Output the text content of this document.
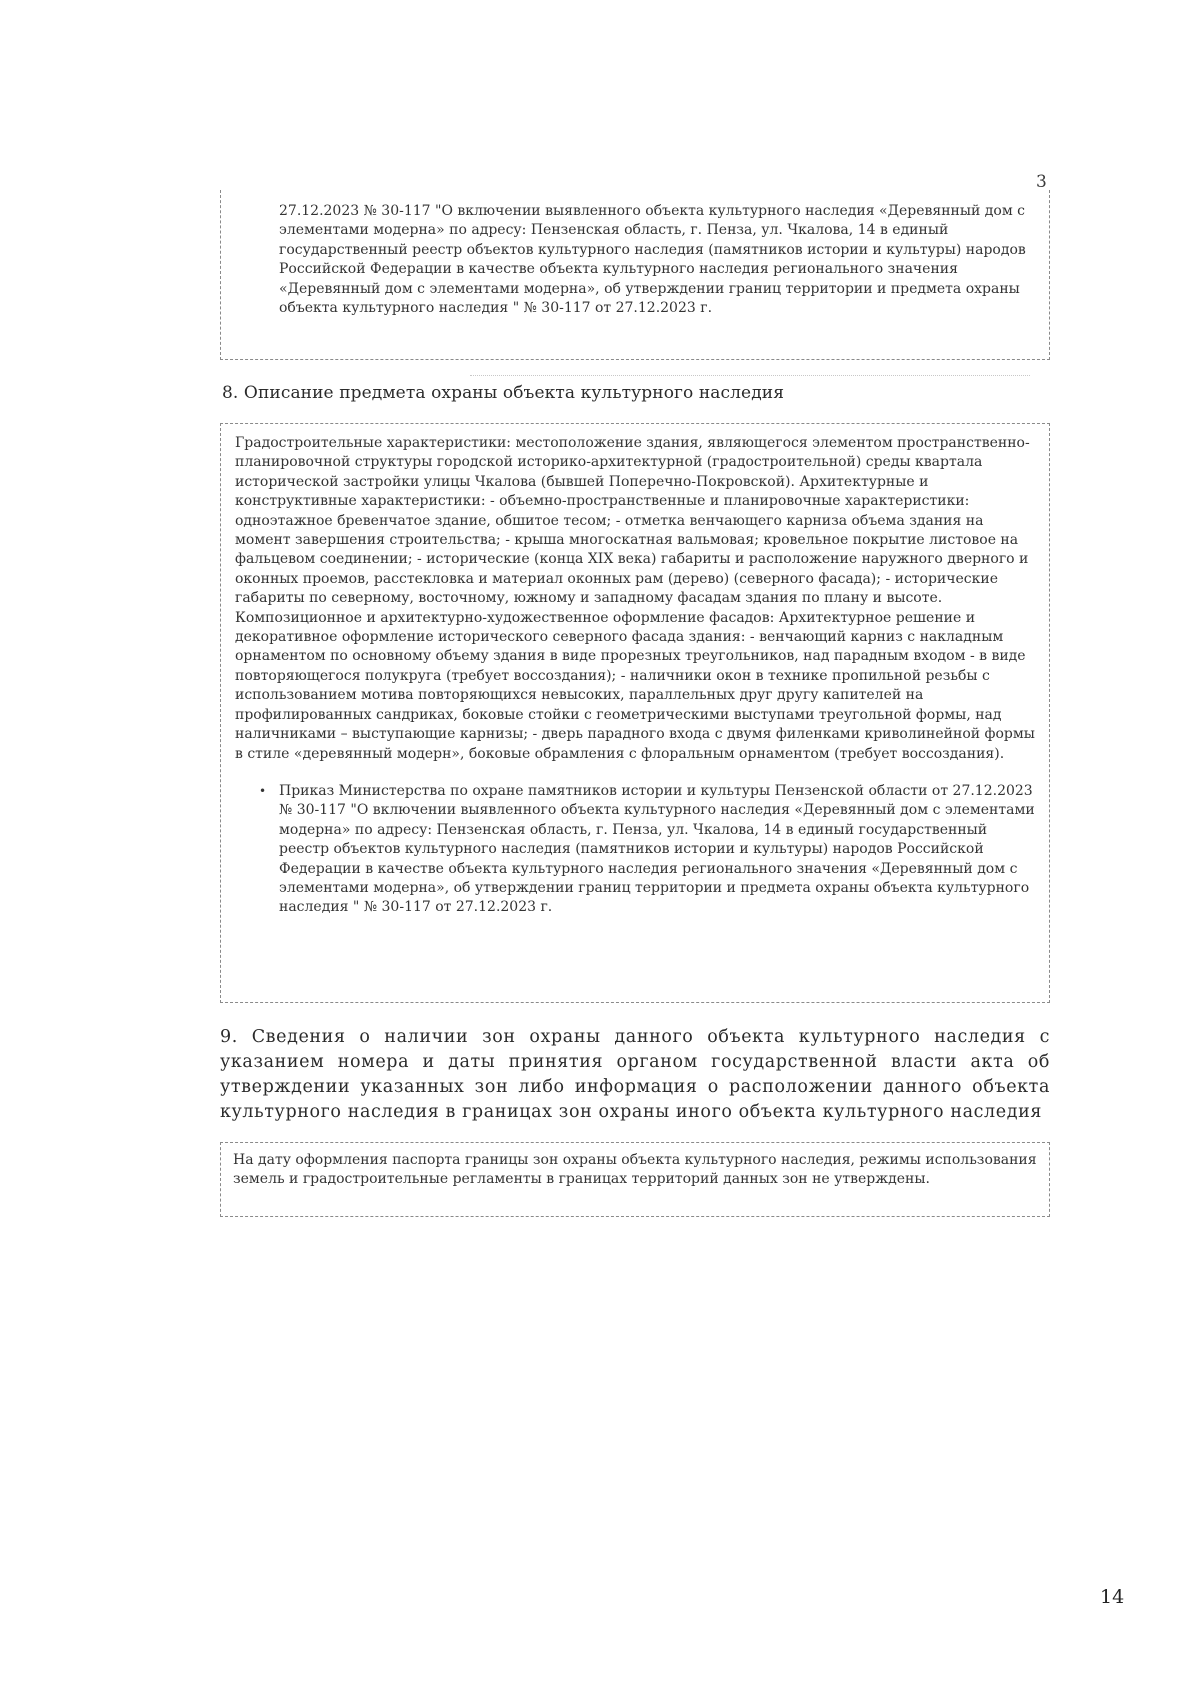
3
27.12.2023 № 30-117 "О включении выявленного объекта культурного наследия «Деревянный дом с элементами модерна» по адресу: Пензенская область, г. Пенза, ул. Чкалова, 14 в единый государственный реестр объектов культурного наследия (памятников истории и культуры) народов Российской Федерации в качестве объекта культурного наследия регионального значения «Деревянный дом с элементами модерна», об утверждении границ территории и предмета охраны объекта культурного наследия " № 30-117 от 27.12.2023 г.
8. Описание предмета охраны объекта культурного наследия

Градостроительные характеристики: местоположение здания, являющегося элементом пространственно-планировочной структуры городской историко-архитектурной (градостроительной) среды квартала исторической застройки улицы Чкалова (бывшей Поперечно-Покровской). Архитектурные и конструктивные характеристики: - объемно-пространственные и планировочные характеристики: одноэтажное бревенчатое здание, обшитое тесом; - отметка венчающего карниза объема здания на момент завершения строительства; - крыша многоскатная вальмовая; кровельное покрытие листовое на фальцевом соединении; - исторические (конца XIX века) габариты и расположение наружного дверного и оконных проемов, расстекловка и материал оконных рам (дерево) (северного фасада); - исторические габариты по северному, восточному, южному и западному фасадам здания по плану и высоте. Композиционное и архитектурно-художественное оформление фасадов: Архитектурное решение и декоративное оформление исторического северного фасада здания: - венчающий карниз с накладным орнаментом по основному объему здания в виде прорезных треугольников, над парадным входом - в виде повторяющегося полукруга (требует воссоздания); - наличники окон в технике пропильной резьбы с использованием мотива повторяющихся невысоких, параллельных друг другу капителей на профилированных сандриках, боковые стойки с геометрическими выступами треугольной формы, над наличниками – выступающие карнизы; - дверь парадного входа с двумя филенками криволинейной формы в стиле «деревянный модерн», боковые обрамления с флоральным орнаментом (требует воссоздания).

• Приказ Министерства по охране памятников истории и культуры Пензенской области от 27.12.2023 № 30-117 "О включении выявленного объекта культурного наследия «Деревянный дом с элементами модерна» по адресу: Пензенская область, г. Пенза, ул. Чкалова, 14 в единый государственный реестр объектов культурного наследия (памятников истории и культуры) народов Российской Федерации в качестве объекта культурного наследия регионального значения «Деревянный дом с элементами модерна», об утверждении границ территории и предмета охраны объекта культурного наследия " № 30-117 от 27.12.2023 г.
9. Сведения о наличии зон охраны данного объекта культурного наследия с указанием номера и даты принятия органом государственной власти акта об утверждении указанных зон либо информация о расположении данного объекта культурного наследия в границах зон охраны иного объекта культурного наследия
На дату оформления паспорта границы зон охраны объекта культурного наследия, режимы использования земель и градостроительные регламенты в границах территорий данных зон не утверждены.
14
